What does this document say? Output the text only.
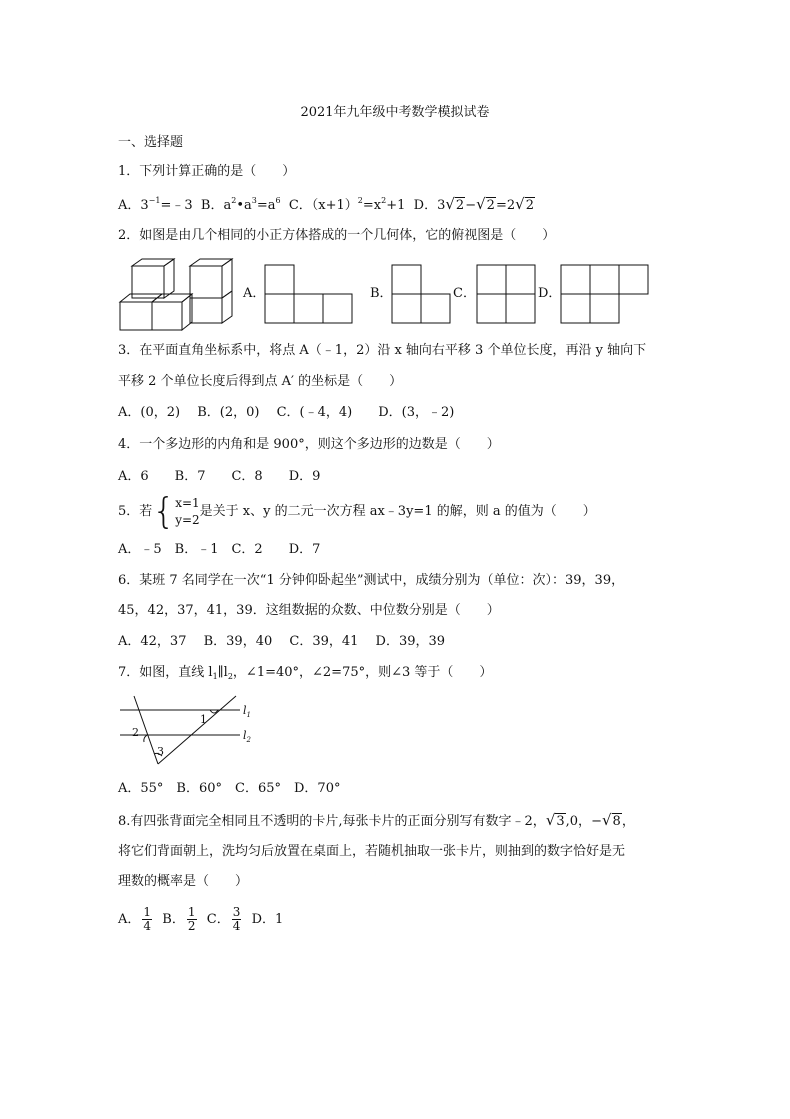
2021年九年级中考数学模拟试卷
一、选择题
1．下列计算正确的是（　　）
A．$3^{-1}=﹣3$ B．$a^2•a^3=a^6$ C．$(x+1)^2=x^2+1$ D．3√2−√2=2√2
2．如图是由几个相同的小正方体搭成的一个几何体，它的俯视图是（　　）
A．	B．	C．	D．
3．在平面直角坐标系中，将点 A（﹣1，2）沿 x 轴向右平移 3 个单位长度，再沿 y 轴向下
平移 2 个单位长度后得到点 A′ 的坐标是（　　）
A．(0，2)　 B．(2，0)　 C．(﹣4，4)　　D．(3，﹣2)
4．一个多边形的内角和是 900°，则这个多边形的边数是（　　）
A．6　　B．7　　C．8　　D．9
5．若{ x=1
y=2
是关于 x、y 的二元一次方程 ax﹣3y=1 的解，则 a 的值为（　　）
A．﹣5　B．﹣1　C．2　　D．7
6．某班 7 名同学在一次“1 分钟仰卧起坐”测试中，成绩分别为（单位：次）：39，39，
45，42，37，41，39．这组数据的众数、中位数分别是（　　）
A．42，37　 B．39，40　 C．39，41　 D．39，39
7．如图，直线 $l_1\parallel l_2$，∠1=40°，∠2=75°，则∠3 等于（　　）
$l_1$
$l_2$
1
2
3
A．55°　B．60°　C．65°　D．70°
8.有四张背面完全相同且不透明的卡片,每张卡片的正面分别写有数字﹣2，√3,0，−√8，
将它们背面朝上，洗均匀后放置在桌面上，若随机抽取一张卡片，则抽到的数字恰好是无
理数的概率是（　　）
A． $\frac{1}{4}$ B． $\frac{1}{2}$ C． $\frac{3}{4}$ D．1
